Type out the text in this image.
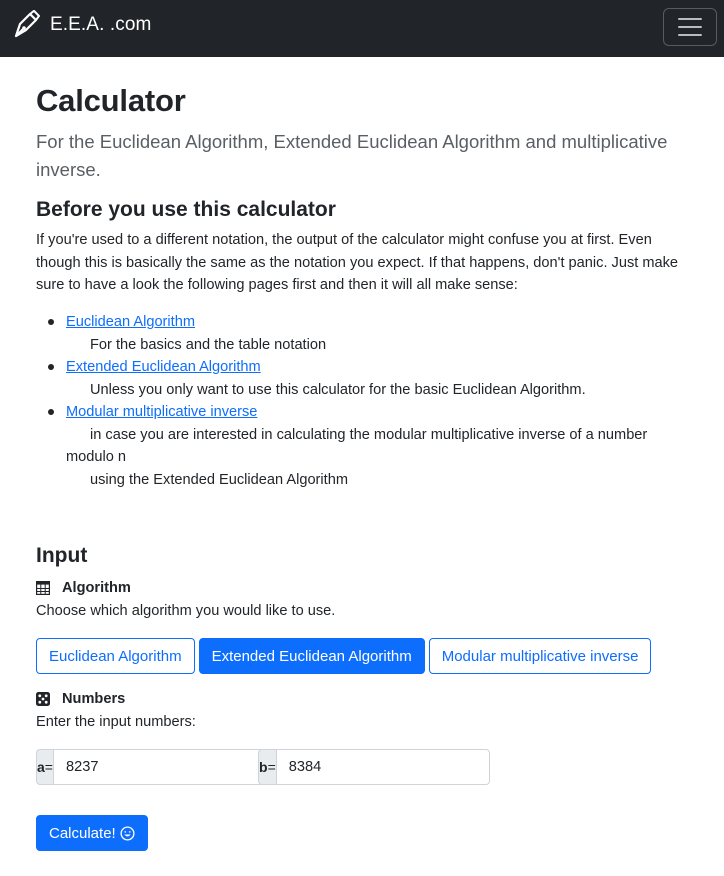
E.E.A. .com
Calculator

For the Euclidean Algorithm, Extended Euclidean Algorithm and multiplicative inverse.

Before you use this calculator

If you're used to a different notation, the output of the calculator might confuse you at first. Even though this is basically the same as the notation you expect. If that happens, don't panic. Just make sure to have a look the following pages first and then it will all make sense:

Euclidean Algorithm
For the basics and the table notation
Extended Euclidean Algorithm
Unless you only want to use this calculator for the basic Euclidean Algorithm.
Modular multiplicative inverse
in case you are interested in calculating the modular multiplicative inverse of a number modulo n
using the Extended Euclidean Algorithm
Input
Algorithm

Choose which algorithm you would like to use.

Euclidean Algorithm	Extended Euclidean Algorithm	Modular multiplicative inverse
Numbers

Enter the input numbers:

a =
8237	b =
8384
Calculate!
